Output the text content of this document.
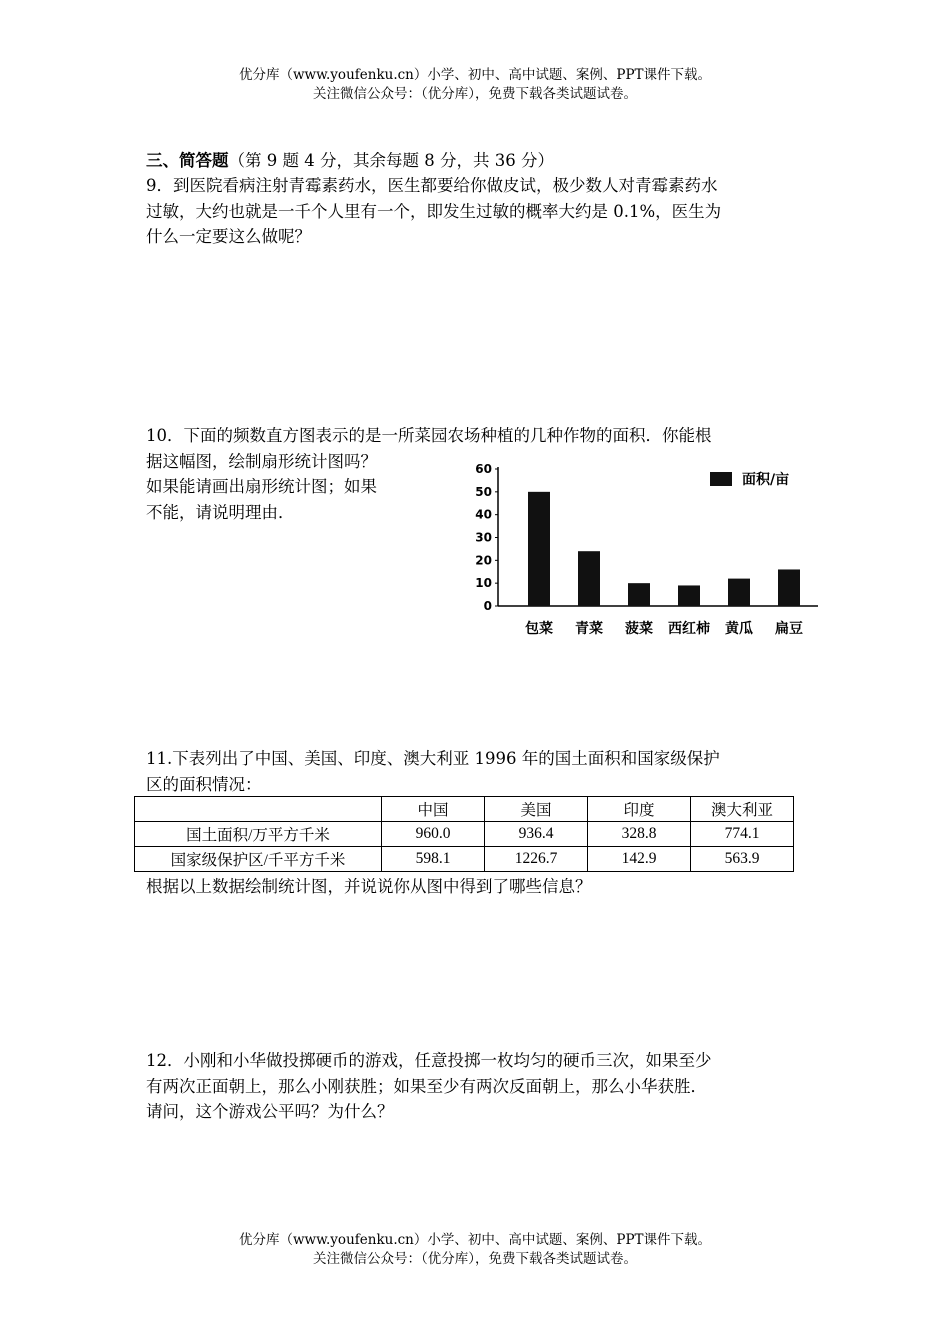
优分库（www.youfenku.cn）小学、初中、高中试题、案例、PPT课件下载。
关注微信公众号：（优分库），免费下载各类试题试卷。
三、简答题（第 9 题 4 分，其余每题 8 分，共 36 分）
9．到医院看病注射青霉素药水，医生都要给你做皮试，极少数人对青霉素药水
过敏，大约也就是一千个人里有一个，即发生过敏的概率大约是 0.1%，医生为
什么一定要这么做呢？
10．下面的频数直方图表示的是一所菜园农场种植的几种作物的面积．你能根
据这幅图，绘制扇形统计图吗？
如果能请画出扇形统计图；如果
不能，请说明理由．
0
10
20
30
40
50
60
包菜 青菜 菠菜 西红柿 黄瓜 扁豆
面积/亩
11.下表列出了中国、美国、印度、澳大利亚 1996 年的国土面积和国家级保护
区的面积情况：
	中国	美国	印度	澳大利亚
国土面积/万平方千米	960.0	936.4	328.8	774.1
国家级保护区/千平方千米	598.1	1226.7	142.9	563.9
根据以上数据绘制统计图，并说说你从图中得到了哪些信息？
12．小刚和小华做投掷硬币的游戏，任意投掷一枚均匀的硬币三次，如果至少
有两次正面朝上，那么小刚获胜；如果至少有两次反面朝上，那么小华获胜．
请问，这个游戏公平吗？为什么？
优分库（www.youfenku.cn）小学、初中、高中试题、案例、PPT课件下载。
关注微信公众号：（优分库），免费下载各类试题试卷。
